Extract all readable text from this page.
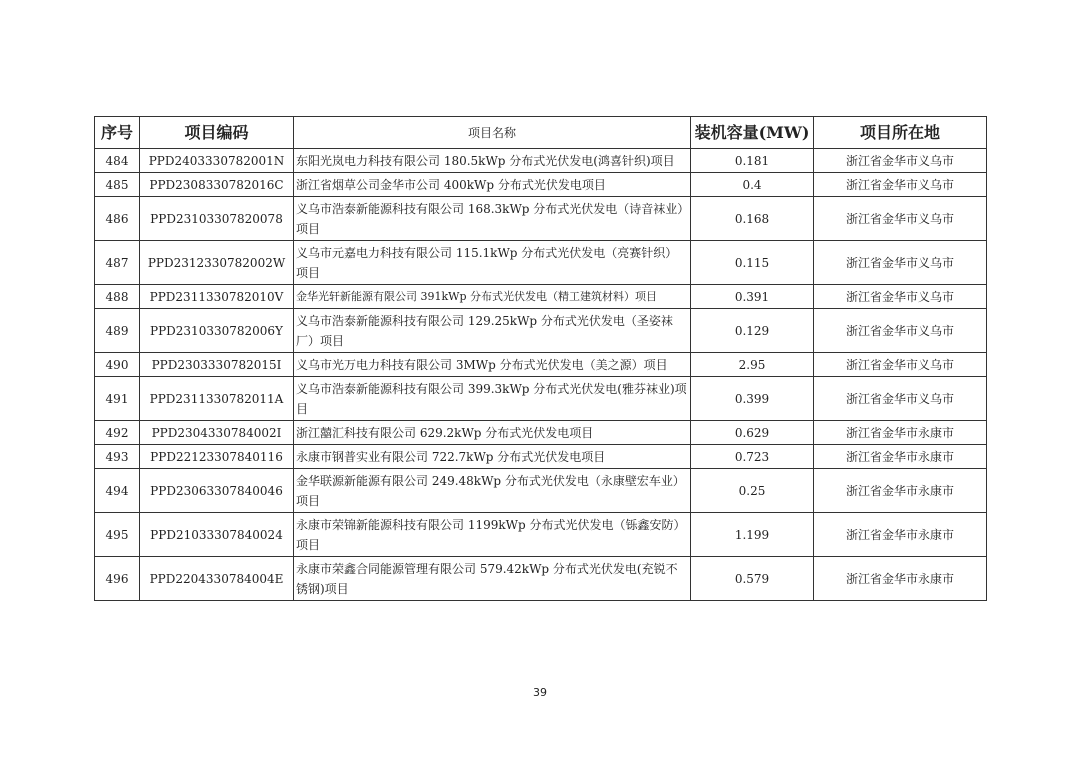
序号	项目编码	项目名称	装机容量(MW)	项目所在地
484	PPD2403330782001N	东阳光岚电力科技有限公司 180.5kWp 分布式光伏发电(鸿喜针织)项目	0.181	浙江省金华市义乌市
485	PPD2308330782016C	浙江省烟草公司金华市公司 400kWp 分布式光伏发电项目	0.4	浙江省金华市义乌市
486	PPD23103307820078	义乌市浩泰新能源科技有限公司 168.3kWp 分布式光伏发电（诗音袜业）项目	0.168	浙江省金华市义乌市
487	PPD2312330782002W	义乌市元嘉电力科技有限公司 115.1kWp 分布式光伏发电（亮赛针织）项目	0.115	浙江省金华市义乌市
488	PPD2311330782010V	金华光轩新能源有限公司 391kWp 分布式光伏发电（精工建筑材料）项目	0.391	浙江省金华市义乌市
489	PPD2310330782006Y	义乌市浩泰新能源科技有限公司 129.25kWp 分布式光伏发电（圣姿袜厂）项目	0.129	浙江省金华市义乌市
490	PPD2303330782015I	义乌市光万电力科技有限公司 3MWp 分布式光伏发电（美之源）项目	2.95	浙江省金华市义乌市
491	PPD2311330782011A	义乌市浩泰新能源科技有限公司 399.3kWp 分布式光伏发电(雅芬袜业)项目	0.399	浙江省金华市义乌市
492	PPD2304330784002I	浙江囍汇科技有限公司 629.2kWp 分布式光伏发电项目	0.629	浙江省金华市永康市
493	PPD22123307840116	永康市钢普实业有限公司 722.7kWp 分布式光伏发电项目	0.723	浙江省金华市永康市
494	PPD23063307840046	金华联源新能源有限公司 249.48kWp 分布式光伏发电（永康壁宏车业）项目	0.25	浙江省金华市永康市
495	PPD21033307840024	永康市荣锦新能源科技有限公司 1199kWp 分布式光伏发电（铄鑫安防）项目	1.199	浙江省金华市永康市
496	PPD2204330784004E	永康市荣鑫合同能源管理有限公司 579.42kWp 分布式光伏发电(充锐不锈钢)项目	0.579	浙江省金华市永康市
39
